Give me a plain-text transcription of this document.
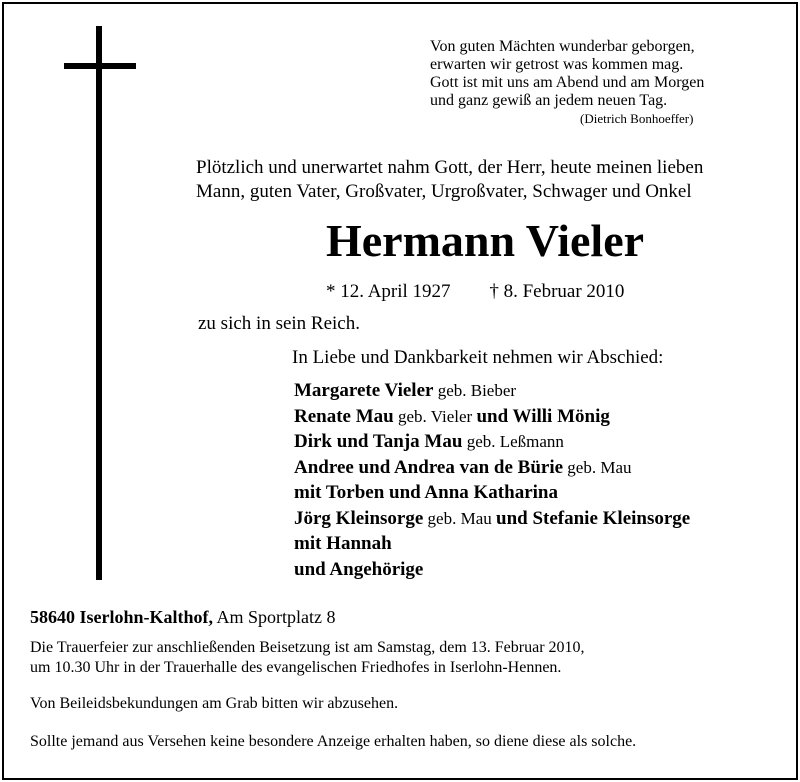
Von guten Mächten wunderbar geborgen,
erwarten wir getrost was kommen mag.
Gott ist mit uns am Abend und am Morgen
und ganz gewiß an jedem neuen Tag.
(Dietrich Bonhoeffer)
Plötzlich und unerwartet nahm Gott, der Herr, heute meinen lieben
Mann, guten Vater, Großvater, Urgroßvater, Schwager und Onkel
Hermann Vieler
* 12. April 1927 † 8. Februar 2010
zu sich in sein Reich.
In Liebe und Dankbarkeit nehmen wir Abschied:
Margarete Vieler geb. Bieber
Renate Mau geb. Vieler und Willi Mönig
Dirk und Tanja Mau geb. Leßmann
Andree und Andrea van de Bürie geb. Mau
mit Torben und Anna Katharina
Jörg Kleinsorge geb. Mau und Stefanie Kleinsorge
mit Hannah
und Angehörige
58640 Iserlohn-Kalthof, Am Sportplatz 8
Die Trauerfeier zur anschließenden Beisetzung ist am Samstag, dem 13. Februar 2010,
um 10.30 Uhr in der Trauerhalle des evangelischen Friedhofes in Iserlohn-Hennen.
Von Beileidsbekundungen am Grab bitten wir abzusehen.
Sollte jemand aus Versehen keine besondere Anzeige erhalten haben, so diene diese als solche.
